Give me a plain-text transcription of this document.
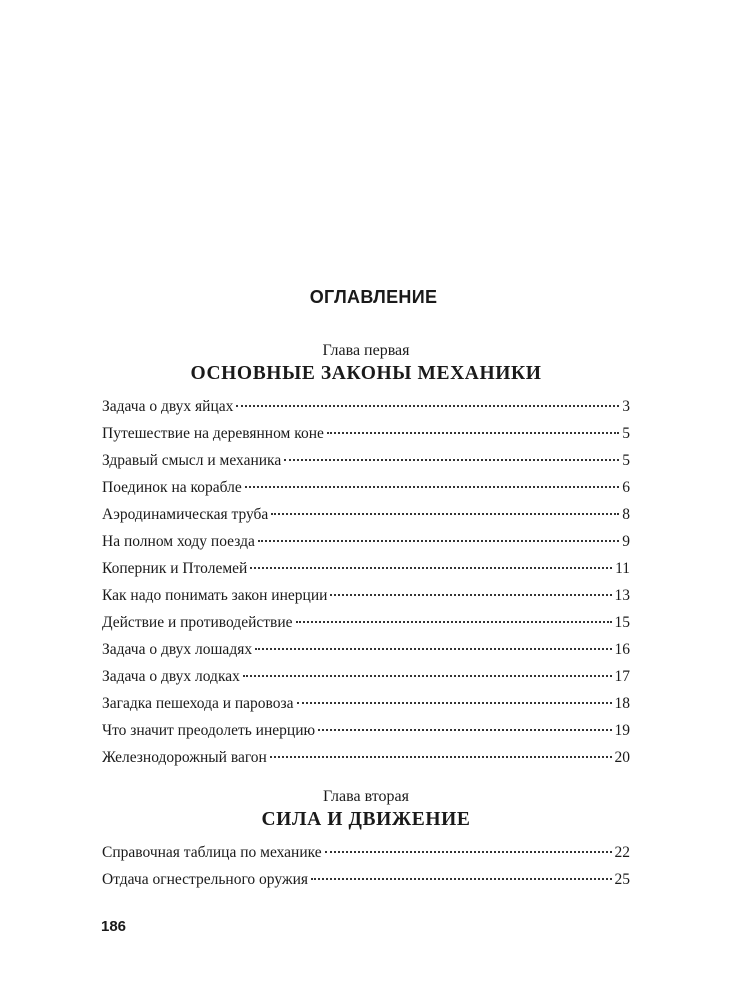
ОГЛАВЛЕНИЕ
Глава первая
ОСНОВНЫЕ ЗАКОНЫ МЕХАНИКИ
Задача о двух яйцах	3
Путешествие на деревянном коне	5
Здравый смысл и механика	5
Поединок на корабле	6
Аэродинамическая труба	8
На полном ходу поезда	9
Коперник и Птолемей	11
Как надо понимать закон инерции	13
Действие и противодействие	15
Задача о двух лошадях	16
Задача о двух лодках	17
Загадка пешехода и паровоза	18
Что значит преодолеть инерцию	19
Железнодорожный вагон	20
Глава вторая
СИЛА И ДВИЖЕНИЕ
Справочная таблица по механике	22
Отдача огнестрельного оружия	25
186
